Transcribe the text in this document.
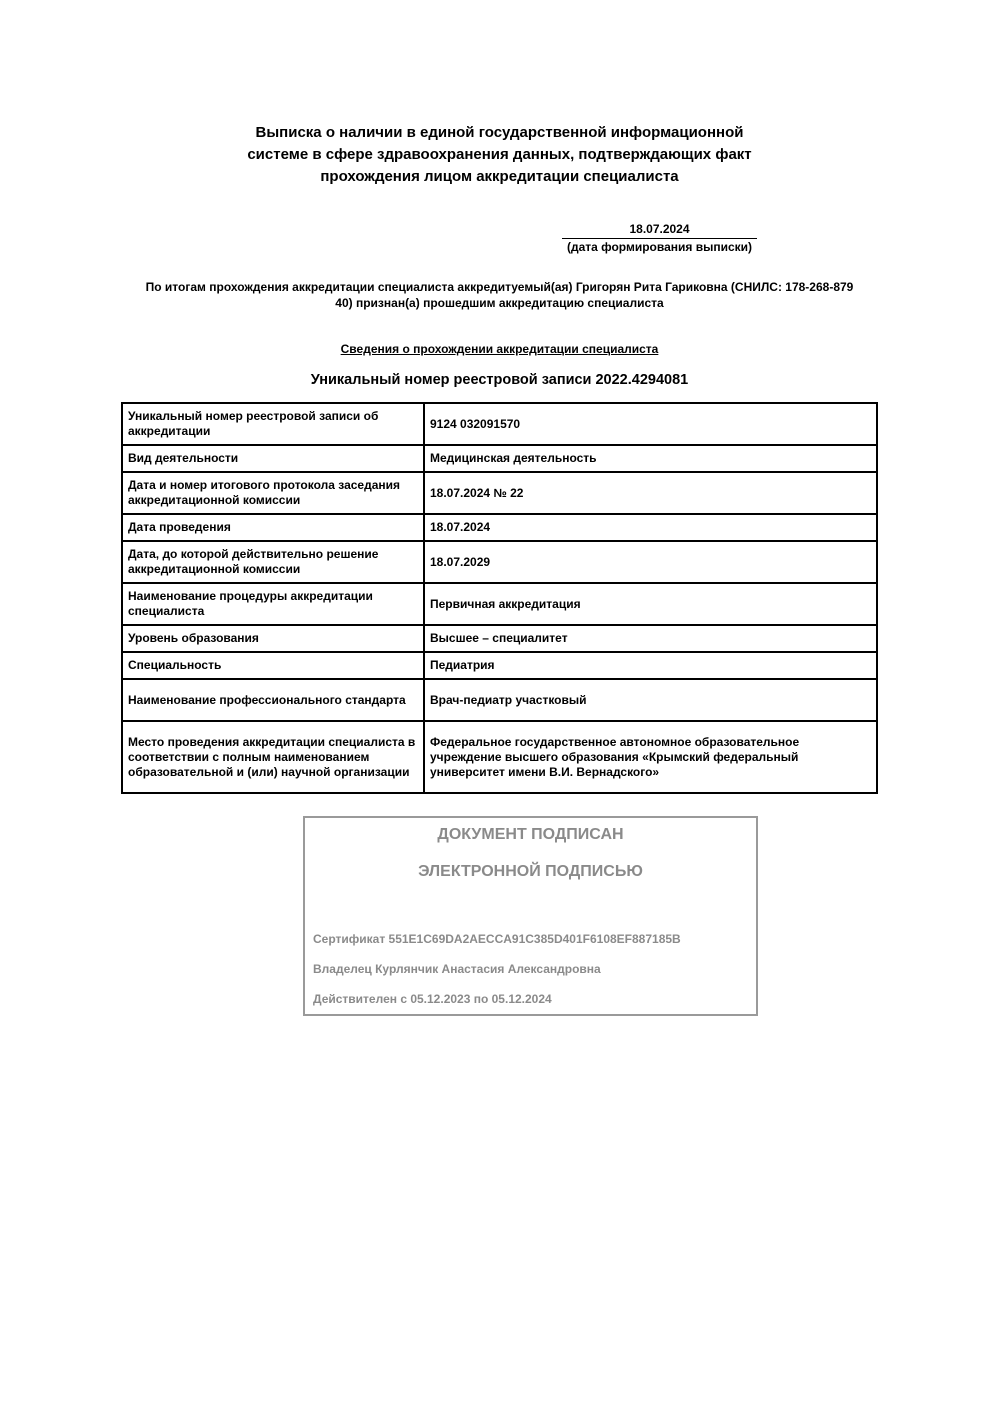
Выписка о наличии в единой государственной информационной
системе в сфере здравоохранения данных, подтверждающих факт
прохождения лицом аккредитации специалиста
18.07.2024
(дата формирования выписки)
По итогам прохождения аккредитации специалиста аккредитуемый(ая) Григорян Рита Гариковна (СНИЛС: 178-268-879
40) признан(а) прошедшим аккредитацию специалиста
Сведения о прохождении аккредитации специалиста
Уникальный номер реестровой записи 2022.4294081
Уникальный номер реестровой записи об аккредитации	9124 032091570
Вид деятельности	Медицинская деятельность
Дата и номер итогового протокола заседания аккредитационной комиссии	18.07.2024 № 22
Дата проведения	18.07.2024
Дата, до которой действительно решение аккредитационной комиссии	18.07.2029
Наименование процедуры аккредитации специалиста	Первичная аккредитация
Уровень образования	Высшее – специалитет
Специальность	Педиатрия
Наименование профессионального стандарта	Врач-педиатр участковый
Место проведения аккредитации специалиста в соответствии с полным наименованием образовательной и (или) научной организации	Федеральное государственное автономное образовательное учреждение высшего образования «Крымский федеральный университет имени В.И. Вернадского»
ДОКУМЕНТ ПОДПИСАН
ЭЛЕКТРОННОЙ ПОДПИСЬЮ
Сертификат 551E1C69DA2AECCA91C385D401F6108EF887185B
Владелец Курлянчик Анастасия Александровна
Действителен с 05.12.2023 по 05.12.2024
